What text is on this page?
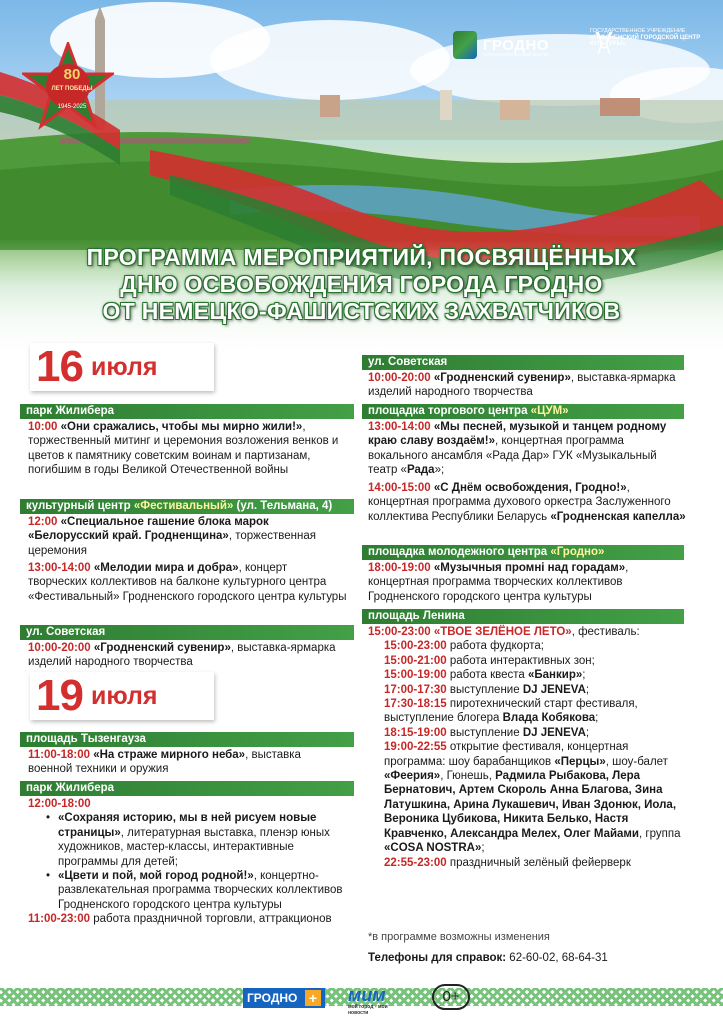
80
ЛЕТ ПОБЕДЫ
1945-2025
ГРОДНО
ГОРОД ИНТЕРЕСНЫЙ ВСЕГДА
ГОСУДАРСТВЕННОЕ УЧРЕЖДЕНИЕ
«ГРОДНЕНСКИЙ ГОРОДСКОЙ ЦЕНТР КУЛЬТУРЫ»
ПРОГРАММА МЕРОПРИЯТИЙ, ПОСВЯЩЁННЫХ
ДНЮ ОСВОБОЖДЕНИЯ ГОРОДА ГРОДНО
ОТ НЕМЕЦКО-ФАШИСТСКИХ ЗАХВАТЧИКОВ
16 июля
парк Жилибера
10:00 «Они сражались, чтобы мы мирно жили!», торжественный митинг и церемония возложения венков и цветов к памятнику советским воинам и партизанам, погибшим в годы Великой Отечественной войны
культурный центр «Фестивальный» (ул. Тельмана, 4)
12:00 «Специальное гашение блока марок «Белорусский край. Гродненщина», торжественная церемония
13:00-14:00 «Мелодии мира и добра», концерт творческих коллективов на балконе культурного центра «Фестивальный» Гродненского городского центра культуры
ул. Советская
10:00-20:00 «Гродненский сувенир», выставка-ярмарка изделий народного творчества
19 июля
площадь Тызенгауза
11:00-18:00 «На страже мирного неба», выставка военной техники и оружия
парк Жилибера
12:00-18:00
• «Сохраняя историю, мы в ней рисуем новые страницы», литературная выставка, пленэр юных художников, мастер-классы, интерактивные программы для детей;
• «Цвети и пой, мой город родной!», концертно-развлекательная программа творческих коллективов Гродненского городского центра культуры
11:00-23:00 работа праздничной торговли, аттракционов
ул. Советская
10:00-20:00 «Гродненский сувенир», выставка-ярмарка изделий народного творчества
площадка торгового центра «ЦУМ»
13:00-14:00 «Мы песней, музыкой и танцем родному краю славу воздаём!», концертная программа вокального ансамбля «Рада Дар» ГУК «Музыкальный театр «Рада»;
14:00-15:00 «С Днём освобождения, Гродно!», концертная программа духового оркестра Заслуженного коллектива Республики Беларусь «Гродненская капелла»
площадка молодежного центра «Гродно»
18:00-19:00 «Музычныя промні над горадам», концертная программа творческих коллективов Гродненского городского центра культуры
площадь Ленина
15:00-23:00 «ТВОЕ ЗЕЛЁНОЕ ЛЕТО», фестиваль:
15:00-23:00 работа фудкорта;
15:00-21:00 работа интерактивных зон;
15:00-19:00 работа квеста «Банкир»;
17:00-17:30 выступление DJ JENEVA;
17:30-18:15 пиротехнический старт фестиваля, выступление блогера Влада Кобякова;
18:15-19:00 выступление DJ JENEVA;
19:00-22:55 открытие фестиваля, концертная программа: шоу барабанщиков «Перцы», шоу-балет «Феерия», Гюнешь, Радмила Рыбакова, Лера Бернатович, Артем Скороль Анна Благова, Зина Латушкина, Арина Лукашевич, Иван Здонюк, Иола, Вероника Цубикова, Никита Белько, Настя Кравченко, Александра Мелех, Олег Майами, группа «COSA NOSTRA»;
22:55-23:00 праздничный зелёный фейерверк
*в программе возможны изменения
Телефоны для справок: 62-60-02, 68-64-31
ГРОДНО + мим
мой город - мои новости
0+
